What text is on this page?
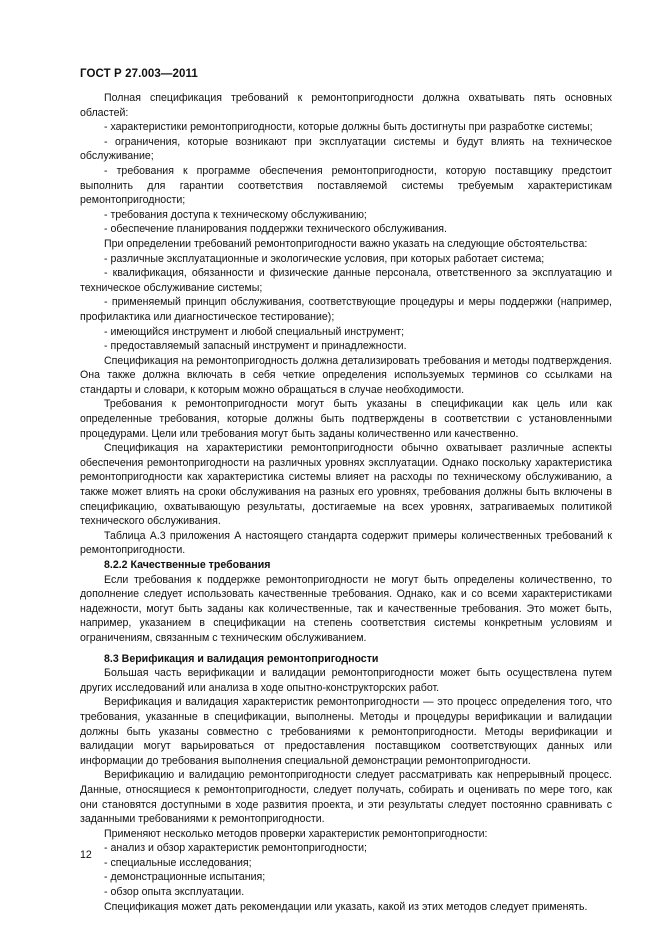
ГОСТ Р 27.003—2011

Полная спецификация требований к ремонтопригодности должна охватывать пять основных областей:

- характеристики ремонтопригодности, которые должны быть достигнуты при разработке системы;

- ограничения, которые возникают при эксплуатации системы и будут влиять на техническое обслуживание;

- требования к программе обеспечения ремонтопригодности, которую поставщику предстоит выполнить для гарантии соответствия поставляемой системы требуемым характеристикам ремонтопригодности;

- требования доступа к техническому обслуживанию;

- обеспечение планирования поддержки технического обслуживания.

При определении требований ремонтопригодности важно указать на следующие обстоятельства:

- различные эксплуатационные и экологические условия, при которых работает система;

- квалификация, обязанности и физические данные персонала, ответственного за эксплуатацию и техническое обслуживание системы;

- применяемый принцип обслуживания, соответствующие процедуры и меры поддержки (например, профилактика или диагностическое тестирование);

- имеющийся инструмент и любой специальный инструмент;

- предоставляемый запасный инструмент и принадлежности.

Спецификация на ремонтопригодность должна детализировать требования и методы подтверждения. Она также должна включать в себя четкие определения используемых терминов со ссылками на стандарты и словари, к которым можно обращаться в случае необходимости.

Требования к ремонтопригодности могут быть указаны в спецификации как цель или как определенные требования, которые должны быть подтверждены в соответствии с установленными процедурами. Цели или требования могут быть заданы количественно или качественно.

Спецификация на характеристики ремонтопригодности обычно охватывает различные аспекты обеспечения ремонтопригодности на различных уровнях эксплуатации. Однако поскольку характеристика ремонтопригодности как характеристика системы влияет на расходы по техническому обслуживанию, а также может влиять на сроки обслуживания на разных его уровнях, требования должны быть включены в спецификацию, охватывающую результаты, достигаемые на всех уровнях, затрагиваемых политикой технического обслуживания.

Таблица А.3 приложения А настоящего стандарта содержит примеры количественных требований к ремонтопригодности.

8.2.2 Качественные требования

Если требования к поддержке ремонтопригодности не могут быть определены количественно, то дополнение следует использовать качественные требования. Однако, как и со всеми характеристиками надежности, могут быть заданы как количественные, так и качественные требования. Это может быть, например, указанием в спецификации на степень соответствия системы конкретным условиям и ограничениям, связанным с техническим обслуживанием.

8.3 Верификация и валидация ремонтопригодности

Большая часть верификации и валидации ремонтопригодности может быть осуществлена путем других исследований или анализа в ходе опытно-конструкторских работ.

Верификация и валидация характеристик ремонтопригодности — это процесс определения того, что требования, указанные в спецификации, выполнены. Методы и процедуры верификации и валидации должны быть указаны совместно с требованиями к ремонтопригодности. Методы верификации и валидации могут варьироваться от предоставления поставщиком соответствующих данных или информации до требования выполнения специальной демонстрации ремонтопригодности.

Верификацию и валидацию ремонтопригодности следует рассматривать как непрерывный процесс. Данные, относящиеся к ремонтопригодности, следует получать, собирать и оценивать по мере того, как они становятся доступными в ходе развития проекта, и эти результаты следует постоянно сравнивать с заданными требованиями к ремонтопригодности.

Применяют несколько методов проверки характеристик ремонтопригодности:

- анализ и обзор характеристик ремонтопригодности;

- специальные исследования;

- демонстрационные испытания;

- обзор опыта эксплуатации.

Спецификация может дать рекомендации или указать, какой из этих методов следует применять.

12
